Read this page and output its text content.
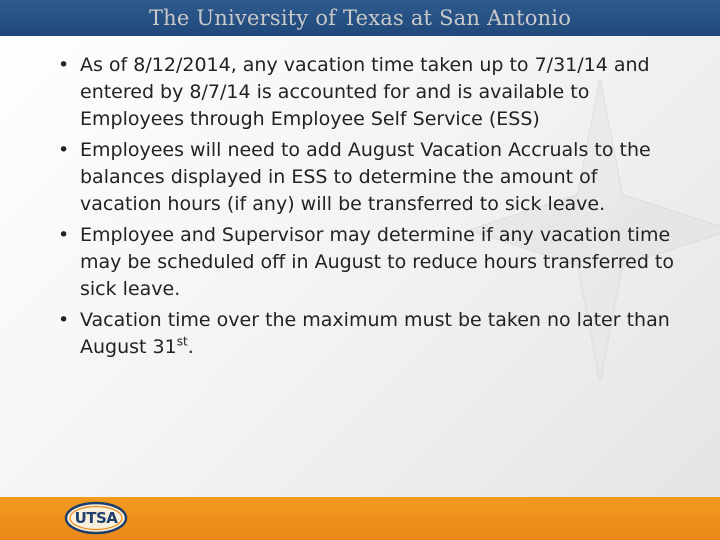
The University of Texas at San Antonio
• As of 8/12/2014, any vacation time taken up to 7/31/14 and entered by 8/7/14 is accounted for and is available to Employees through Employee Self Service (ESS)
• Employees will need to add August Vacation Accruals to the balances displayed in ESS to determine the amount of vacation hours (if any) will be transferred to sick leave.
• Employee and Supervisor may determine if any vacation time may be scheduled off in August to reduce hours transferred to sick leave.
• Vacation time over the maximum must be taken no later than August 31st.
UTSA
